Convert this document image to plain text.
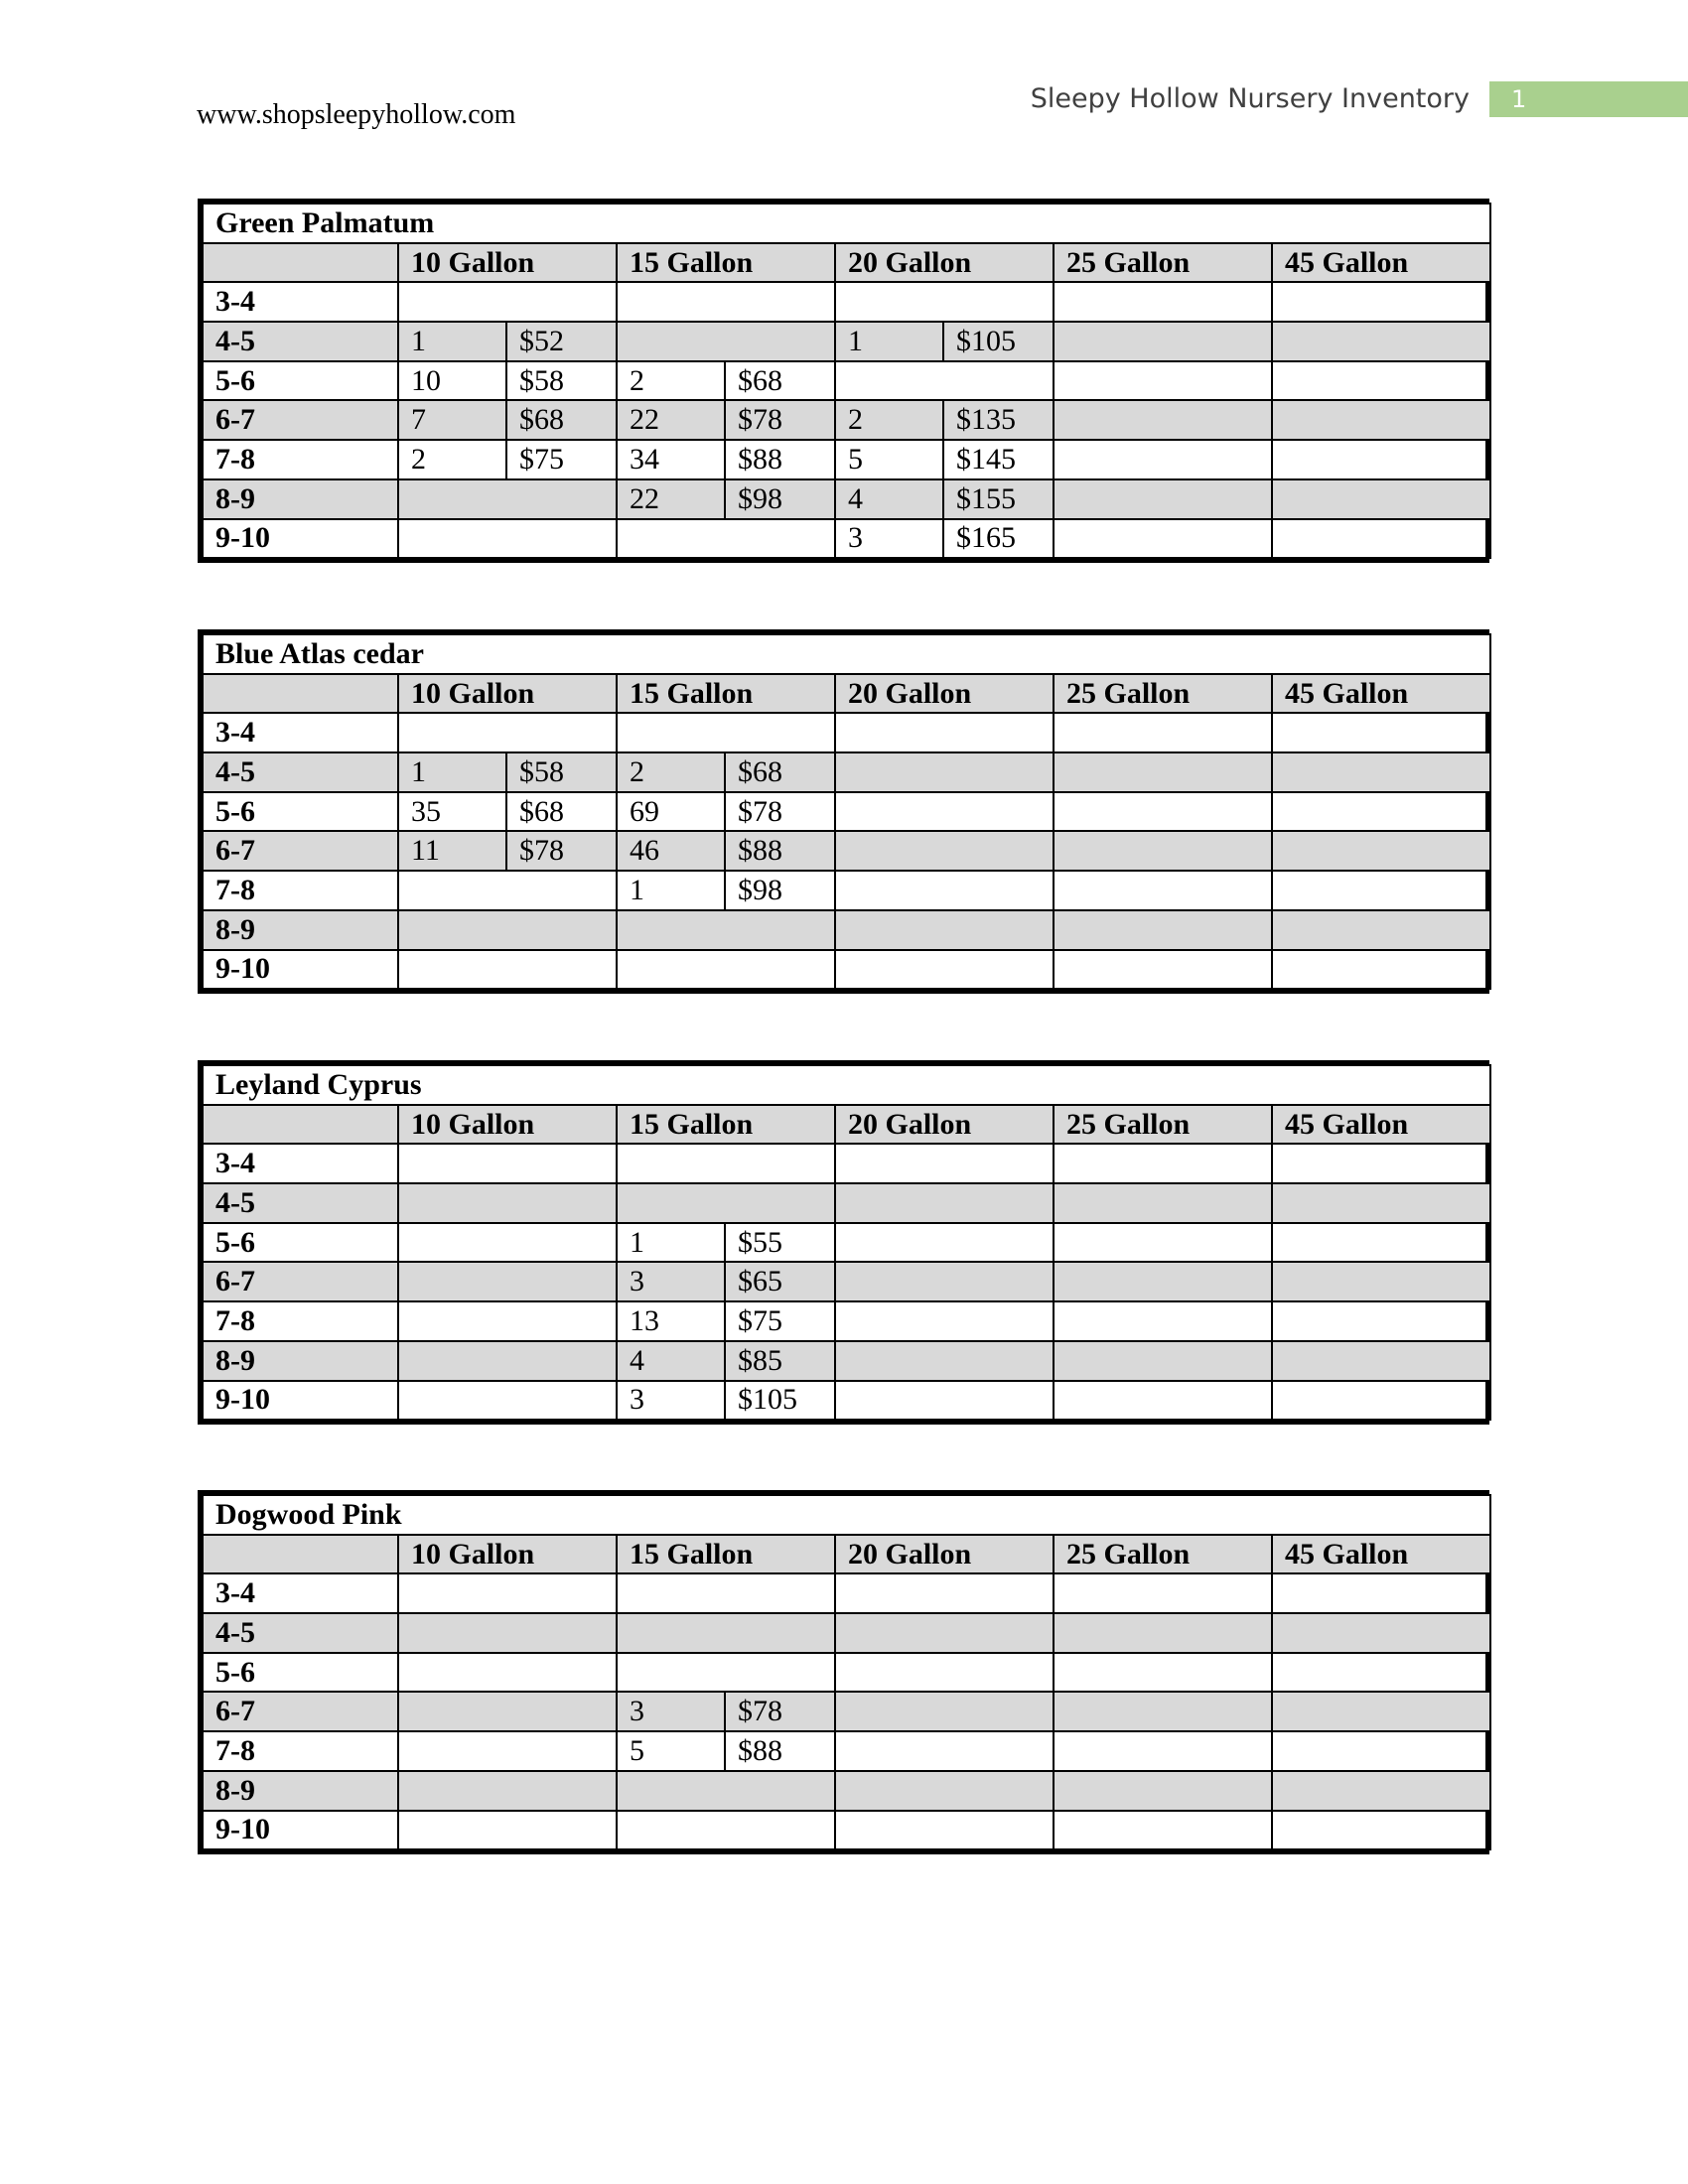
www.shopsleepyhollow.com
Sleepy Hollow Nursery Inventory	1
Green Palmatum								
	10 Gallon		15 Gallon		20 Gallon		25 Gallon	45 Gallon
3-4								
4-5	1	$52			1	$105		
5-6	10	$58	2	$68				
6-7	7	$68	22	$78	2	$135		
7-8	2	$75	34	$88	5	$145		
8-9			22	$98	4	$155		
9-10					3	$165		
Blue Atlas cedar							
	10 Gallon		15 Gallon		20 Gallon	25 Gallon	45 Gallon
3-4							
4-5	1	$58	2	$68			
5-6	35	$68	69	$78			
6-7	11	$78	46	$88			
7-8			1	$98			
8-9							
9-10							
Leyland Cyprus						
	10 Gallon	15 Gallon		20 Gallon	25 Gallon	45 Gallon
3-4						
4-5						
5-6		1	$55			
6-7		3	$65			
7-8		13	$75			
8-9		4	$85			
9-10		3	$105			
Dogwood Pink						
	10 Gallon	15 Gallon		20 Gallon	25 Gallon	45 Gallon
3-4						
4-5						
5-6						
6-7		3	$78			
7-8		5	$88			
8-9						
9-10						
